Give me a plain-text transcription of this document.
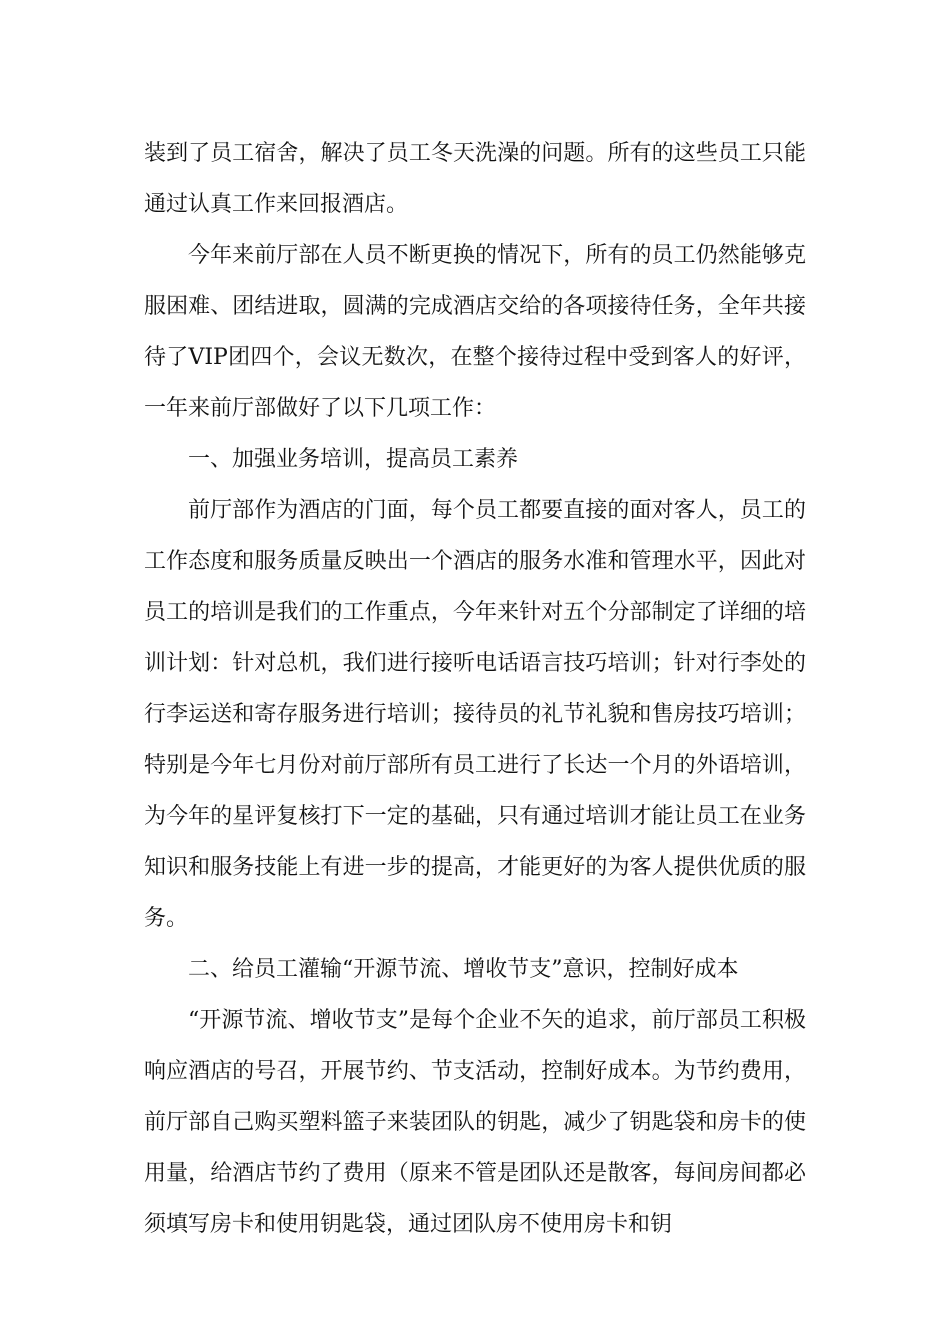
装到了员工宿舍，解决了员工冬天洗澡的问题。所有的这些员工只能通过认真工作来回报酒店。

今年来前厅部在人员不断更换的情况下，所有的员工仍然能够克服困难、团结进取，圆满的完成酒店交给的各项接待任务，全年共接待了VIP团四个，会议无数次，在整个接待过程中受到客人的好评，一年来前厅部做好了以下几项工作：

一、加强业务培训，提高员工素养

前厅部作为酒店的门面，每个员工都要直接的面对客人，员工的工作态度和服务质量反映出一个酒店的服务水准和管理水平，因此对员工的培训是我们的工作重点，今年来针对五个分部制定了详细的培训计划：针对总机，我们进行接听电话语言技巧培训；针对行李处的行李运送和寄存服务进行培训；接待员的礼节礼貌和售房技巧培训；特别是今年七月份对前厅部所有员工进行了长达一个月的外语培训，为今年的星评复核打下一定的基础，只有通过培训才能让员工在业务知识和服务技能上有进一步的提高，才能更好的为客人提供优质的服务。

二、给员工灌输“开源节流、增收节支”意识，控制好成本

“开源节流、增收节支”是每个企业不矢的追求，前厅部员工积极响应酒店的号召，开展节约、节支活动，控制好成本。为节约费用，前厅部自己购买塑料篮子来装团队的钥匙，减少了钥匙袋和房卡的使用量，给酒店节约了费用（原来不管是团队还是散客，每间房间都必须填写房卡和使用钥匙袋，通过团队房不使用房卡和钥
